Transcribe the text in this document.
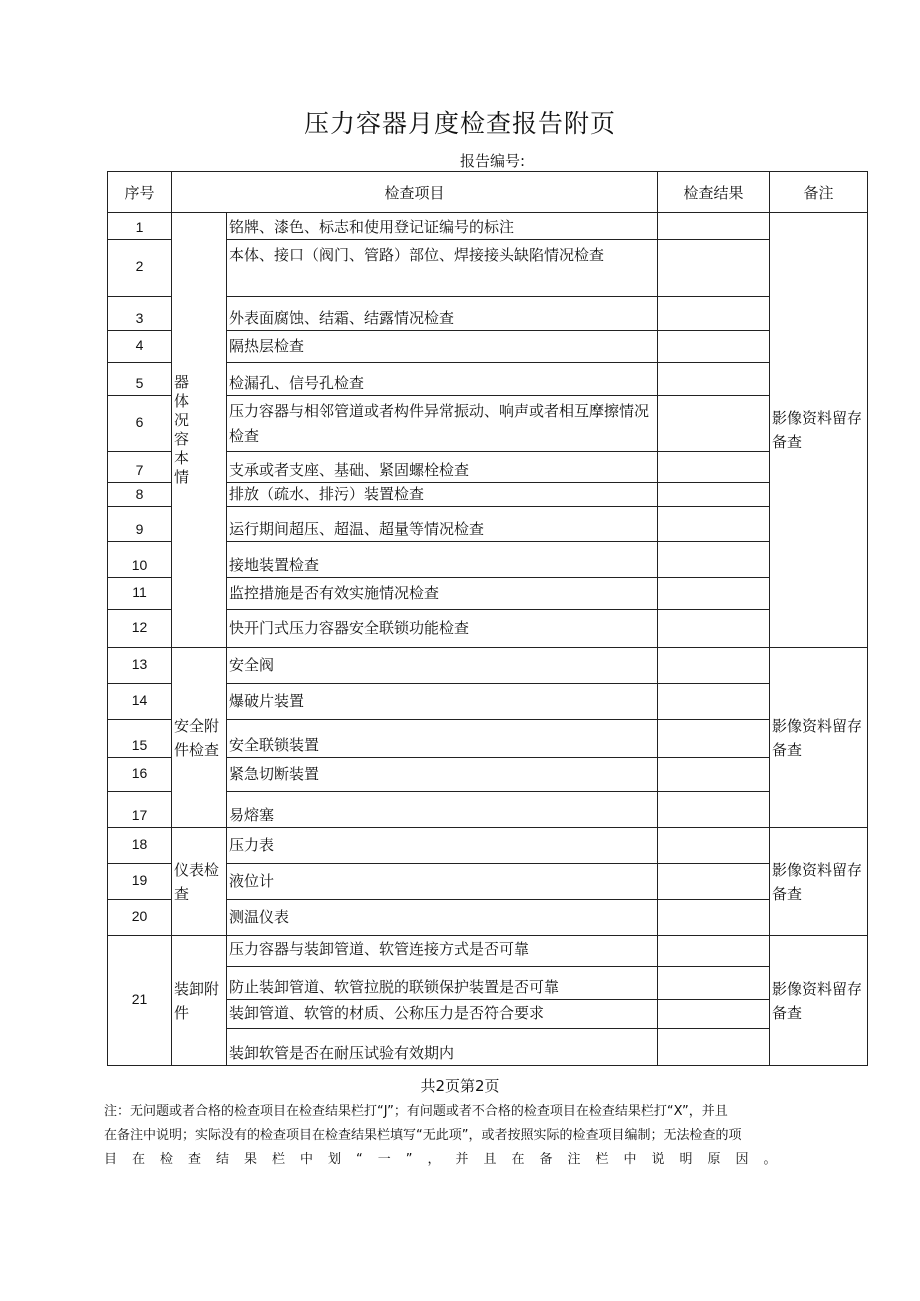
压力容器月度检查报告附页
报告编号:
序号	检查项目		检查结果	备注
1	器体况容本情	铭牌、漆色、标志和使用登记证编号的标注		影像资料留存备查
2		本体、接口（阀门、管路）部位、焊接接头缺陷情况检查		
3		外表面腐蚀、结霜、结露情况检查		
4		隔热层检查		
5		检漏孔、信号孔检查		
6		压力容器与相邻管道或者构件异常振动、响声或者相互摩擦情况检查		
7		支承或者支座、基础、紧固螺栓检查		
8		排放（疏水、排污）装置检查		
9		运行期间超压、超温、超量等情况检查		
10		接地装置检查		
11		监控措施是否有效实施情况检查		
12		快开门式压力容器安全联锁功能检查		
13	安全附件检查	安全阀		影像资料留存备查
14		爆破片装置		
15		安全联锁装置		
16		紧急切断装置		
17		易熔塞		
18	仪表检查	压力表		影像资料留存备查
19		液位计		
20		测温仪表		
21	装卸附件	压力容器与装卸管道、软管连接方式是否可靠		影像资料留存备查
		防止装卸管道、软管拉脱的联锁保护装置是否可靠		
		装卸管道、软管的材质、公称压力是否符合要求		
		装卸软管是否在耐压试验有效期内		
共2页第2页
注：无问题或者合格的检查项目在检查结果栏打“J”；有问题或者不合格的检查项目在检查结果栏打“X”，并且
在备注中说明；实际没有的检查项目在检查结果栏填写“无此项”，或者按照实际的检查项目编制；无法检查的项
目在检查结果栏中划“一”，并且在备注栏中说明原因。
